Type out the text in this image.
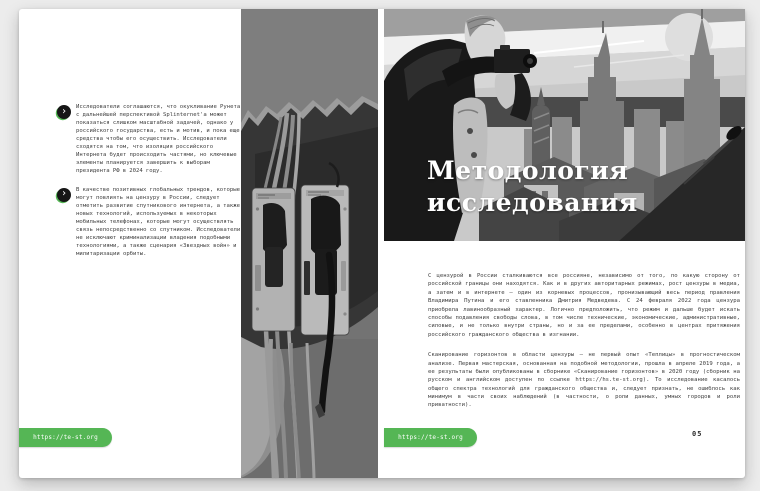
›	Исследователи соглашаются, что окукливание Рунета с дальнейшей перспективой Splinternet'а может показаться слишком масштабной задачей, однако у российского государства, есть и мотив, и пока еще средства чтобы его осуществить. Исследователи сходятся на том, что изоляция российского Интернета будет происходить частями, но ключевые элементы планируется завершить к выборам президента РФ в 2024 году.
›	В качестве позитивных глобальных трендов, которые могут повлиять на цензуру в России, следует отметить развитие спутникового интернета, а также новых технологий, используемых в некоторых мобильных телефонах, которые могут осуществлять связь непосредственно со спутником. Исследователи не исключают криминализации владения подобными технологиями, а также сценария «Звездных войн» и милитаризации орбиты.
04
https://te-st.org
Методология
исследования

С цензурой в России сталкиваются все россияне, независимо от того, по какую сторону от российской границы они находятся. Как и в других авторитарных режимах, рост цензуры в медиа, а затем и в интернете – один из корневых процессов, пронизывающий весь период правления Владимира Путина и его ставленника Дмитрия Медведева. С 24 февраля 2022 года цензура приобрела лавинообразный характер. Логично предположить, что режим и дальше будет искать способы подавления свободы слова, в том числе технические, экономические, административные, силовые, и не только внутри страны, но и за ее пределами, особенно в центрах притяжения российского гражданского общества в изгнании.

Сканирование горизонтов в области цензуры – не первый опыт «Теплицы» в прогностическом анализе. Первая мастерская, основанная на подобной методологии, прошла в апреле 2019 года, а ее результаты были опубликованы в сборнике «Сканирование горизонтов» в 2020 году (сборник на русском и английском доступен по ссылке https://hs.te-st.org). То исследование касалось общего спектра технологий для гражданского общества и, следует признать, не ошиблось как минимум в части своих наблюдений (в частности, о роли данных, умных городов и роли приватности).

https://te-st.org	05
